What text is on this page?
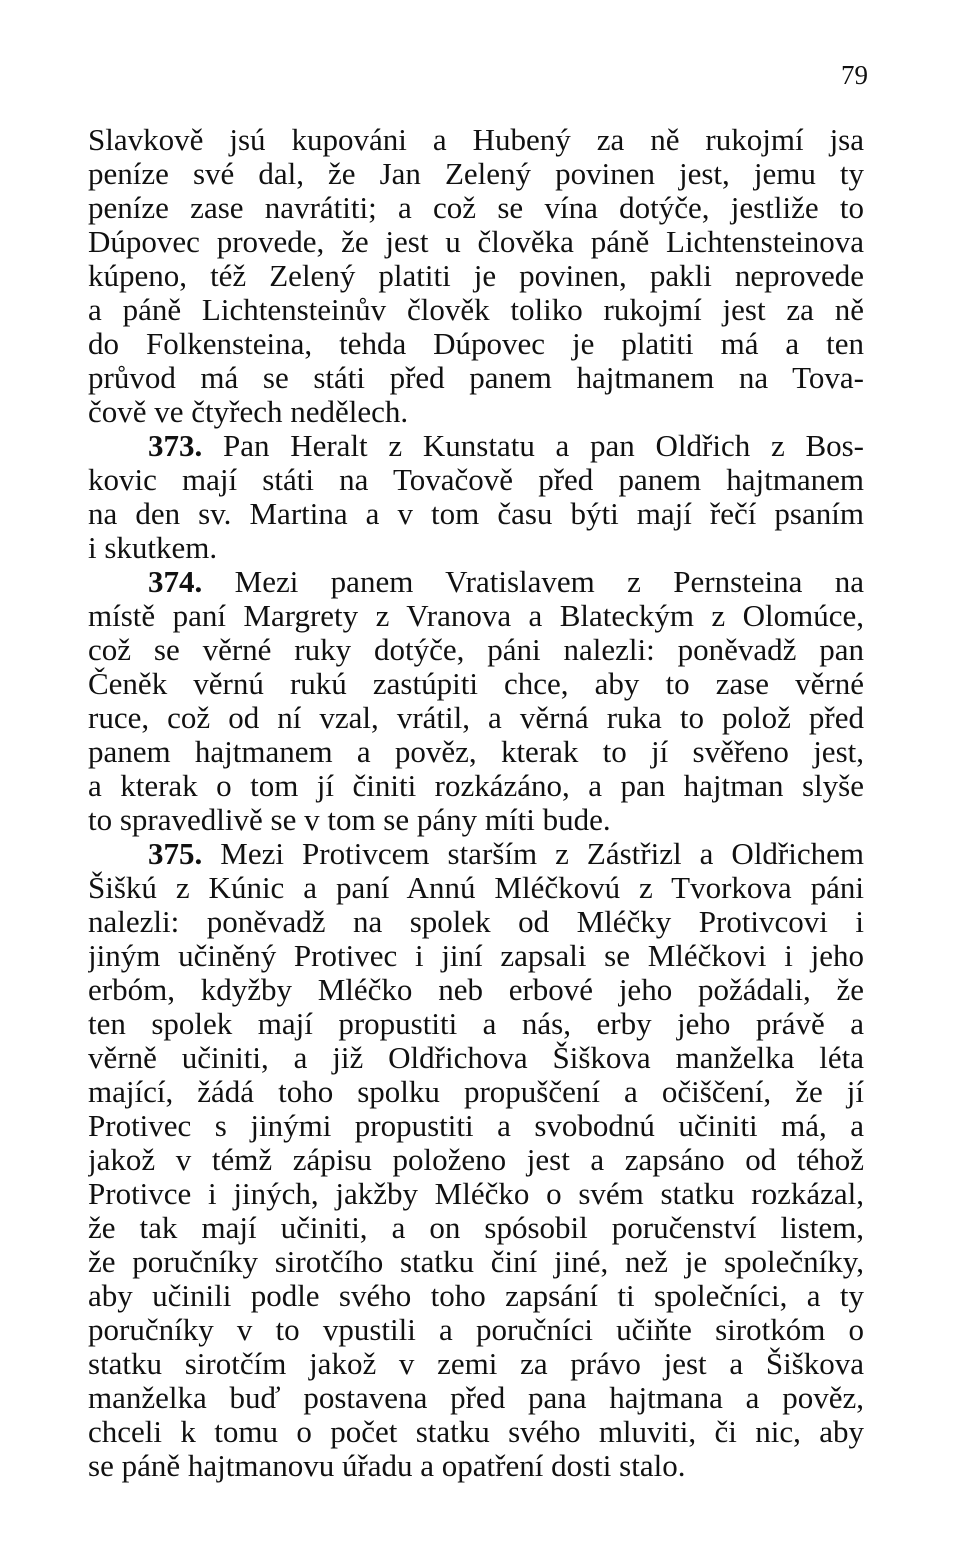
79
Slavkově jsú kupováni a Hubený za ně rukojmí jsa
peníze své dal, že Jan Zelený povinen jest, jemu ty
peníze zase navrátiti; a což se vína dotýče, jestliže to
Dúpovec provede, že jest u člověka páně Lichtensteinova
kúpeno, též Zelený platiti je povinen, pakli neprovede
a páně Lichtensteinův člověk toliko rukojmí jest za ně
do Folkensteina, tehda Dúpovec je platiti má a ten
průvod má se státi před panem hajtmanem na Tova-
čově ve čtyřech nedělech.
373. Pan Heralt z Kunstatu a pan Oldřich z Bos-
kovic mají státi na Tovačově před panem hajtmanem
na den sv. Martina a v tom času býti mají řečí psaním
i skutkem.
374. Mezi panem Vratislavem z Pernsteina na
místě paní Margrety z Vranova a Blateckým z Olomúce,
což se věrné ruky dotýče, páni nalezli: poněvadž pan
Čeněk věrnú rukú zastúpiti chce, aby to zase věrné
ruce, což od ní vzal, vrátil, a věrná ruka to polož před
panem hajtmanem a pověz, kterak to jí svěřeno jest,
a kterak o tom jí činiti rozkázáno, a pan hajtman slyše
to spravedlivě se v tom se pány míti bude.
375. Mezi Protivcem starším z Zástřizl a Oldřichem
Šiškú z Kúnic a paní Annú Mléčkovú z Tvorkova páni
nalezli: poněvadž na spolek od Mléčky Protivcovi i
jiným učiněný Protivec i jiní zapsali se Mléčkovi i jeho
erbóm, kdyžby Mléčko neb erbové jeho požádali, že
ten spolek mají propustiti a nás, erby jeho právě a
věrně učiniti, a již Oldřichova Šiškova manželka léta
mající, žádá toho spolku propuščení a očiščení, že jí
Protivec s jinými propustiti a svobodnú učiniti má, a
jakož v témž zápisu položeno jest a zapsáno od téhož
Protivce i jiných, jakžby Mléčko o svém statku rozkázal,
že tak mají učiniti, a on spósobil poručenství listem,
že poručníky sirotčího statku činí jiné, než je společníky,
aby učinili podle svého toho zapsání ti společníci, a ty
poručníky v to vpustili a poručníci učiňte sirotkóm o
statku sirotčím jakož v zemi za právo jest a Šiškova
manželka buď postavena před pana hajtmana a pověz,
chceli k tomu o počet statku svého mluviti, či nic, aby
se páně hajtmanovu úřadu a opatření dosti stalo.
